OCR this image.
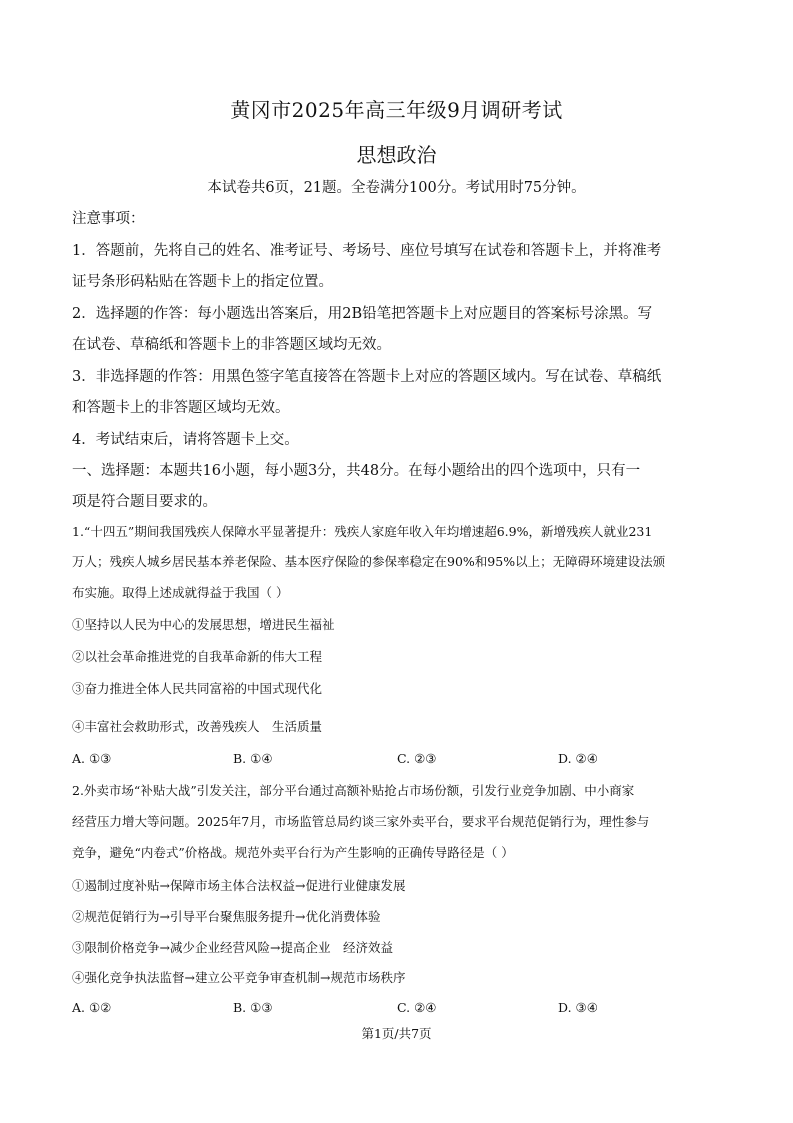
黄冈市2025年高三年级9月调研考试
思想政治
本试卷共6页，21题。全卷满分100分。考试用时75分钟。
注意事项：
1．答题前，先将自己的姓名、准考证号、考场号、座位号填写在试卷和答题卡上，并将准考
证号条形码粘贴在答题卡上的指定位置。
2．选择题的作答：每小题选出答案后，用2B铅笔把答题卡上对应题目的答案标号涂黑。写
在试卷、草稿纸和答题卡上的非答题区域均无效。
3．非选择题的作答：用黑色签字笔直接答在答题卡上对应的答题区域内。写在试卷、草稿纸
和答题卡上的非答题区域均无效。
4．考试结束后，请将答题卡上交。
一、选择题：本题共16小题，每小题3分，共48分。在每小题给出的四个选项中，只有一
项是符合题目要求的。
1.“十四五”期间我国残疾人保障水平显著提升：残疾人家庭年收入年均增速超6.9%，新增残疾人就业231
万人；残疾人城乡居民基本养老保险、基本医疗保险的参保率稳定在90%和95%以上；无障碍环境建设法颁
布实施。取得上述成就得益于我国（ ）
①坚持以人民为中心的发展思想，增进民生福祉
②以社会革命推进党的自我革命新的伟大工程
③奋力推进全体人民共同富裕的中国式现代化
④丰富社会救助形式，改善残疾人　生活质量
A. ①③	B. ①④	C. ②③	D. ②④
2.外卖市场“补贴大战”引发关注，部分平台通过高额补贴抢占市场份额，引发行业竞争加剧、中小商家
经营压力增大等问题。2025年7月，市场监管总局约谈三家外卖平台，要求平台规范促销行为，理性参与
竞争，避免“内卷式”价格战。规范外卖平台行为产生影响的正确传导路径是（ ）
①遏制过度补贴→保障市场主体合法权益→促进行业健康发展
②规范促销行为→引导平台聚焦服务提升→优化消费体验
③限制价格竞争→减少企业经营风险→提高企业　经济效益
④强化竞争执法监督→建立公平竞争审查机制→规范市场秩序
A. ①②	B. ①③	C. ②④	D. ③④
第1页/共7页
